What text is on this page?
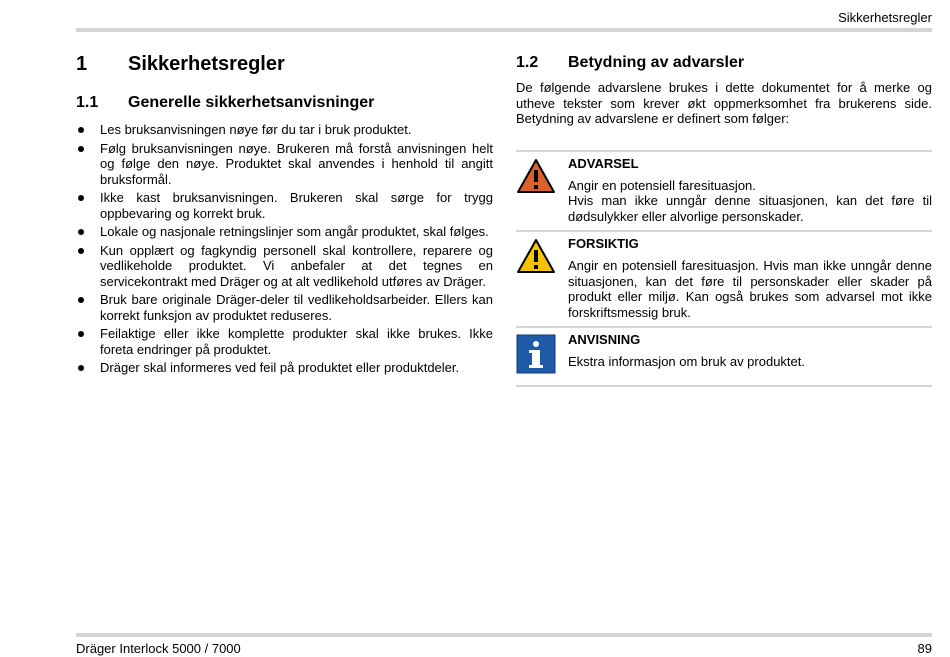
Sikkerhetsregler
1	Sikkerhetsregler
1.1	Generelle sikkerhetsanvisninger
Les bruksanvisningen nøye før du tar i bruk produktet.
Følg bruksanvisningen nøye. Brukeren må forstå anvisningen helt og følge den nøye. Produktet skal anvendes i henhold til angitt bruksformål.
Ikke kast bruksanvisningen. Brukeren skal sørge for trygg oppbevaring og korrekt bruk.
Lokale og nasjonale retningslinjer som angår produktet, skal følges.
Kun opplært og fagkyndig personell skal kontrollere, reparere og vedlikeholde produktet. Vi anbefaler at det tegnes en servicekontrakt med Dräger og at alt vedlikehold utføres av Dräger.
Bruk bare originale Dräger-deler til vedlikeholdsarbeider. Ellers kan korrekt funksjon av produktet reduseres.
Feilaktige eller ikke komplette produkter skal ikke brukes. Ikke foreta endringer på produktet.
Dräger skal informeres ved feil på produktet eller produktdeler.
1.2	Betydning av advarsler

De følgende advarslene brukes i dette dokumentet for å merke og utheve tekster som krever økt oppmerksomhet fra brukerens side. Betydning av advarslene er definert som følger:

ADVARSEL

Angir en potensiell faresituasjon.

Hvis man ikke unngår denne situasjonen, kan det føre til dødsulykker eller alvorlige personskader.

FORSIKTIG

Angir en potensiell faresituasjon. Hvis man ikke unngår denne situasjonen, kan det føre til personskader eller skader på produkt eller miljø. Kan også brukes som advarsel mot ikke forskriftsmessig bruk.

ANVISNING

Ekstra informasjon om bruk av produktet.

Dräger Interlock 5000 / 7000	89
